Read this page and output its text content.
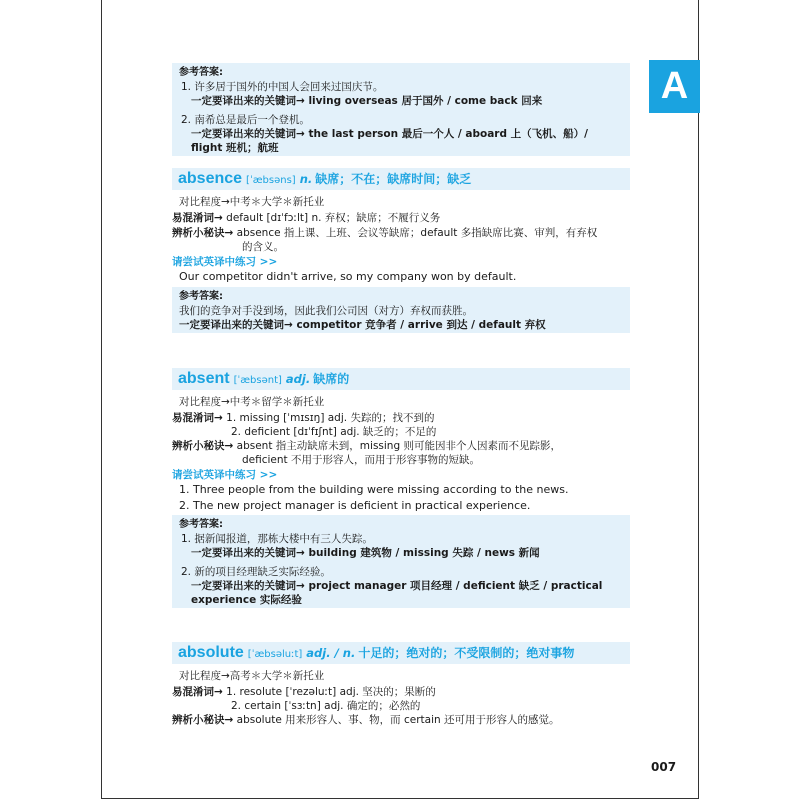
A
参考答案:
1. 许多居于国外的中国人会回来过国庆节。
一定要译出来的关键词→ living overseas 居于国外 / come back 回来
2. 南希总是最后一个登机。
一定要译出来的关键词→ the last person 最后一个人 / aboard 上（飞机、船）/
flight 班机；航班
absence [ˈæbsəns] n. 缺席；不在；缺席时间；缺乏
对比程度→中考＊大学＊新托业
易混淆词→ default [dɪˈfɔːlt] n. 弃权；缺席；不履行义务
辨析小秘诀→ absence 指上课、上班、会议等缺席；default 多指缺席比赛、审判，有弃权
的含义。
请尝试英译中练习 >>
Our competitor didn't arrive, so my company won by default.
参考答案:
我们的竞争对手没到场，因此我们公司因（对方）弃权而获胜。
一定要译出来的关键词→ competitor 竞争者 / arrive 到达 / default 弃权
absent [ˈæbsənt] adj. 缺席的
对比程度→中考＊留学＊新托业
易混淆词→ 1. missing [ˈmɪsɪŋ] adj. 失踪的；找不到的
2. deficient [dɪˈfɪʃnt] adj. 缺乏的；不足的
辨析小秘诀→ absent 指主动缺席未到，missing 则可能因非个人因素而不见踪影，
deficient 不用于形容人，而用于形容事物的短缺。
请尝试英译中练习 >>
1. Three people from the building were missing according to the news.
2. The new project manager is deficient in practical experience.
参考答案:
1. 据新闻报道，那栋大楼中有三人失踪。
一定要译出来的关键词→ building 建筑物 / missing 失踪 / news 新闻
2. 新的项目经理缺乏实际经验。
一定要译出来的关键词→ project manager 项目经理 / deficient 缺乏 / practical
experience 实际经验
absolute [ˈæbsəluːt] adj. / n. 十足的；绝对的；不受限制的；绝对事物
对比程度→高考＊大学＊新托业
易混淆词→ 1. resolute [ˈrezəluːt] adj. 坚决的；果断的
2. certain [ˈsɜːtn] adj. 确定的；必然的
辨析小秘诀→ absolute 用来形容人、事、物，而 certain 还可用于形容人的感觉。
007
